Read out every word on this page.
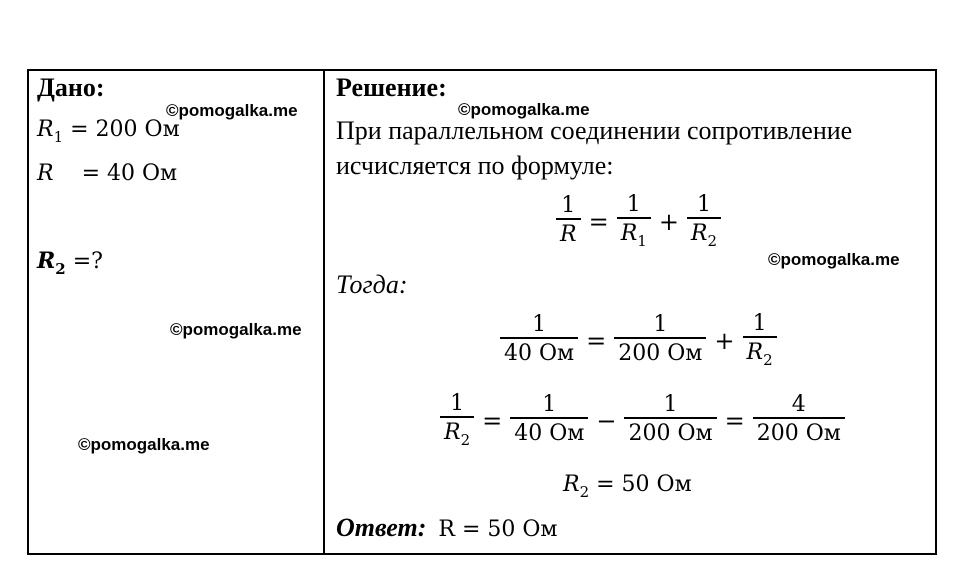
Дано:
$R_1 = 200$ Ом
R = 40 Ом
$R_2$ =?
Решение:
При параллельном соединении сопротивление
исчисляется по формуле:
$\frac{1}{R} = \frac{1}{R_1} + \frac{1}{R_2}$
Тогда:
$\frac{1}{40 Ом} = \frac{1}{200 Ом} + \frac{1}{R_2}$
$\frac{1}{R_2} = \frac{1}{40 Ом} - \frac{1}{200 Ом} = \frac{4}{200 Ом}$
$R_2 = 50$ Ом
Ответ: R = 50 Ом
©pomogalka.me	©pomogalka.me
©pomogalka.me
©pomogalka.me
©pomogalka.me
